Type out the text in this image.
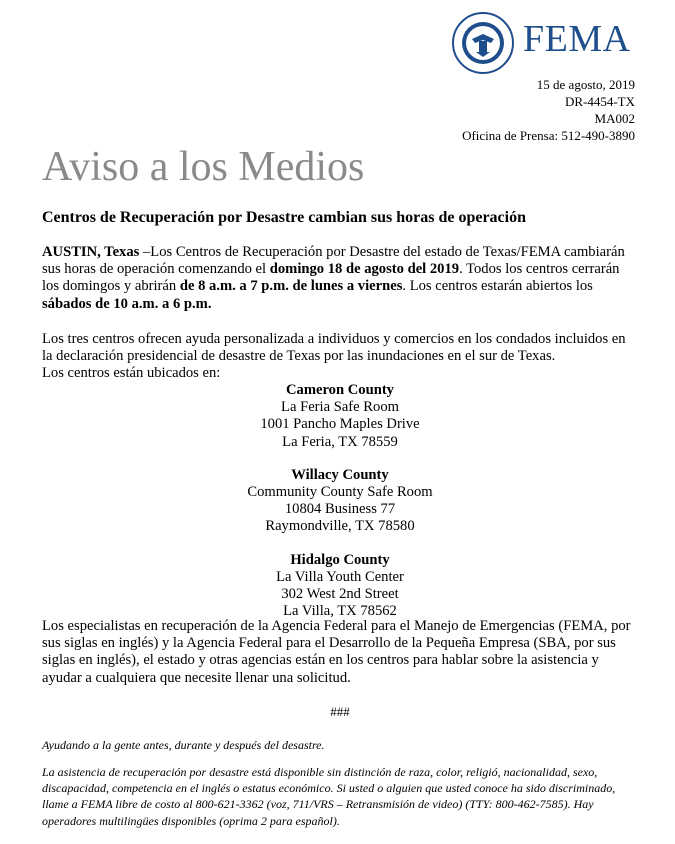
FEMA
15 de agosto, 2019
DR-4454-TX
MA002
Oficina de Prensa: 512-490-3890
Aviso a los Medios
Centros de Recuperación por Desastre cambian sus horas de operación
AUSTIN, Texas –Los Centros de Recuperación por Desastre del estado de Texas/FEMA cambiarán sus horas de operación comenzando el domingo 18 de agosto del 2019. Todos los centros cerrarán los domingos y abrirán de 8 a.m. a 7 p.m. de lunes a viernes. Los centros estarán abiertos los sábados de 10 a.m. a 6 p.m.
Los tres centros ofrecen ayuda personalizada a individuos y comercios en los condados incluidos en la declaración presidencial de desastre de Texas por las inundaciones en el sur de Texas.
Los centros están ubicados en:
Cameron County
La Feria Safe Room
1001 Pancho Maples Drive
La Feria, TX 78559
Willacy County
Community County Safe Room
10804 Business 77
Raymondville, TX 78580
Hidalgo County
La Villa Youth Center
302 West 2nd Street
La Villa, TX 78562
Los especialistas en recuperación de la Agencia Federal para el Manejo de Emergencias (FEMA, por sus siglas en inglés) y la Agencia Federal para el Desarrollo de la Pequeña Empresa (SBA, por sus siglas en inglés), el estado y otras agencias están en los centros para hablar sobre la asistencia y ayudar a cualquiera que necesite llenar una solicitud.
###
Ayudando a la gente antes, durante y después del desastre.
La asistencia de recuperación por desastre está disponible sin distinción de raza, color, religió, nacionalidad, sexo, discapacidad, competencia en el inglés o estatus económico. Si usted o alguien que usted conoce ha sido discriminado, llame a FEMA libre de costo al 800-621-3362 (voz, 711/VRS – Retransmisión de video) (TTY: 800-462-7585). Hay operadores multilingües disponibles (oprima 2 para español).
